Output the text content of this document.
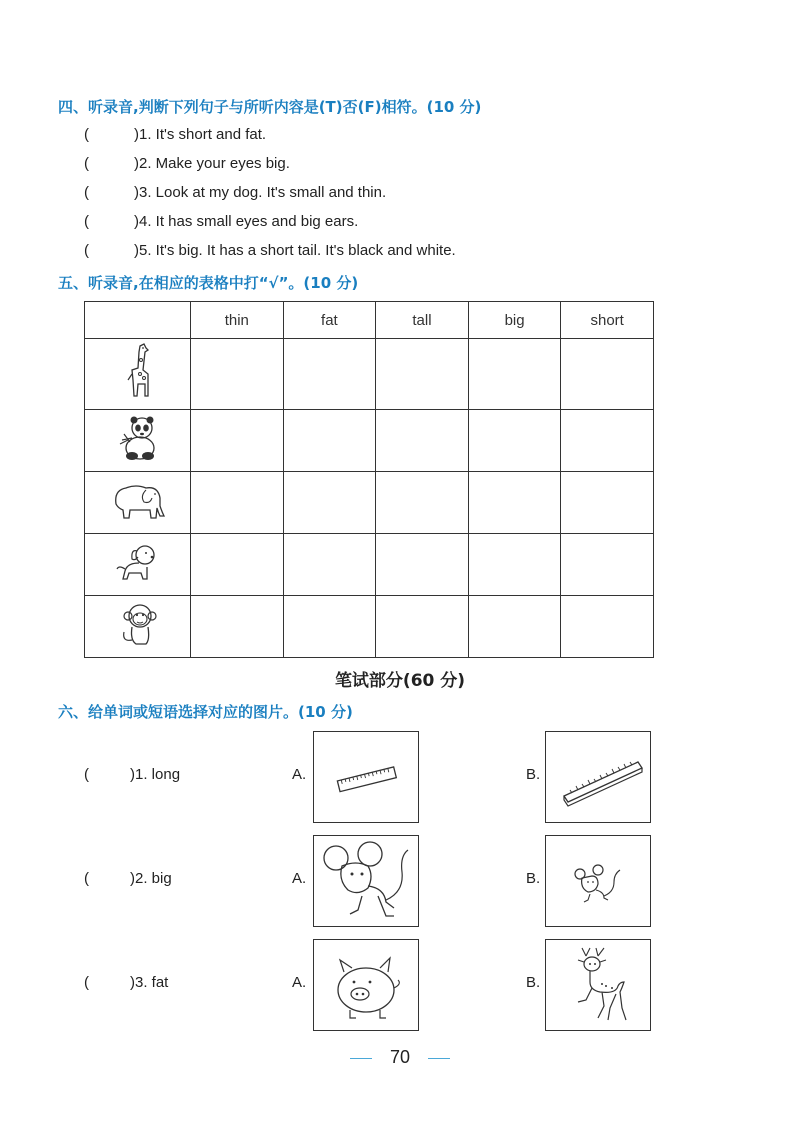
四、听录音,判断下列句子与所听内容是(T)否(F)相符。(10 分)
(	)1. It's short and fat.
(	)2. Make your eyes big.
(	)3. Look at my dog. It's small and thin.
(	)4. It has small eyes and big ears.
(	)5. It's big. It has a short tail. It's black and white.
五、听录音,在相应的表格中打“√”。(10 分)
	thin	fat	tall	big	short

笔试部分(60 分)
六、给单词或短语选择对应的图片。(10 分)
(	)1. long	A.	B.
(	)2. big	A.	B.
(	)3. fat	A.	B.
70
